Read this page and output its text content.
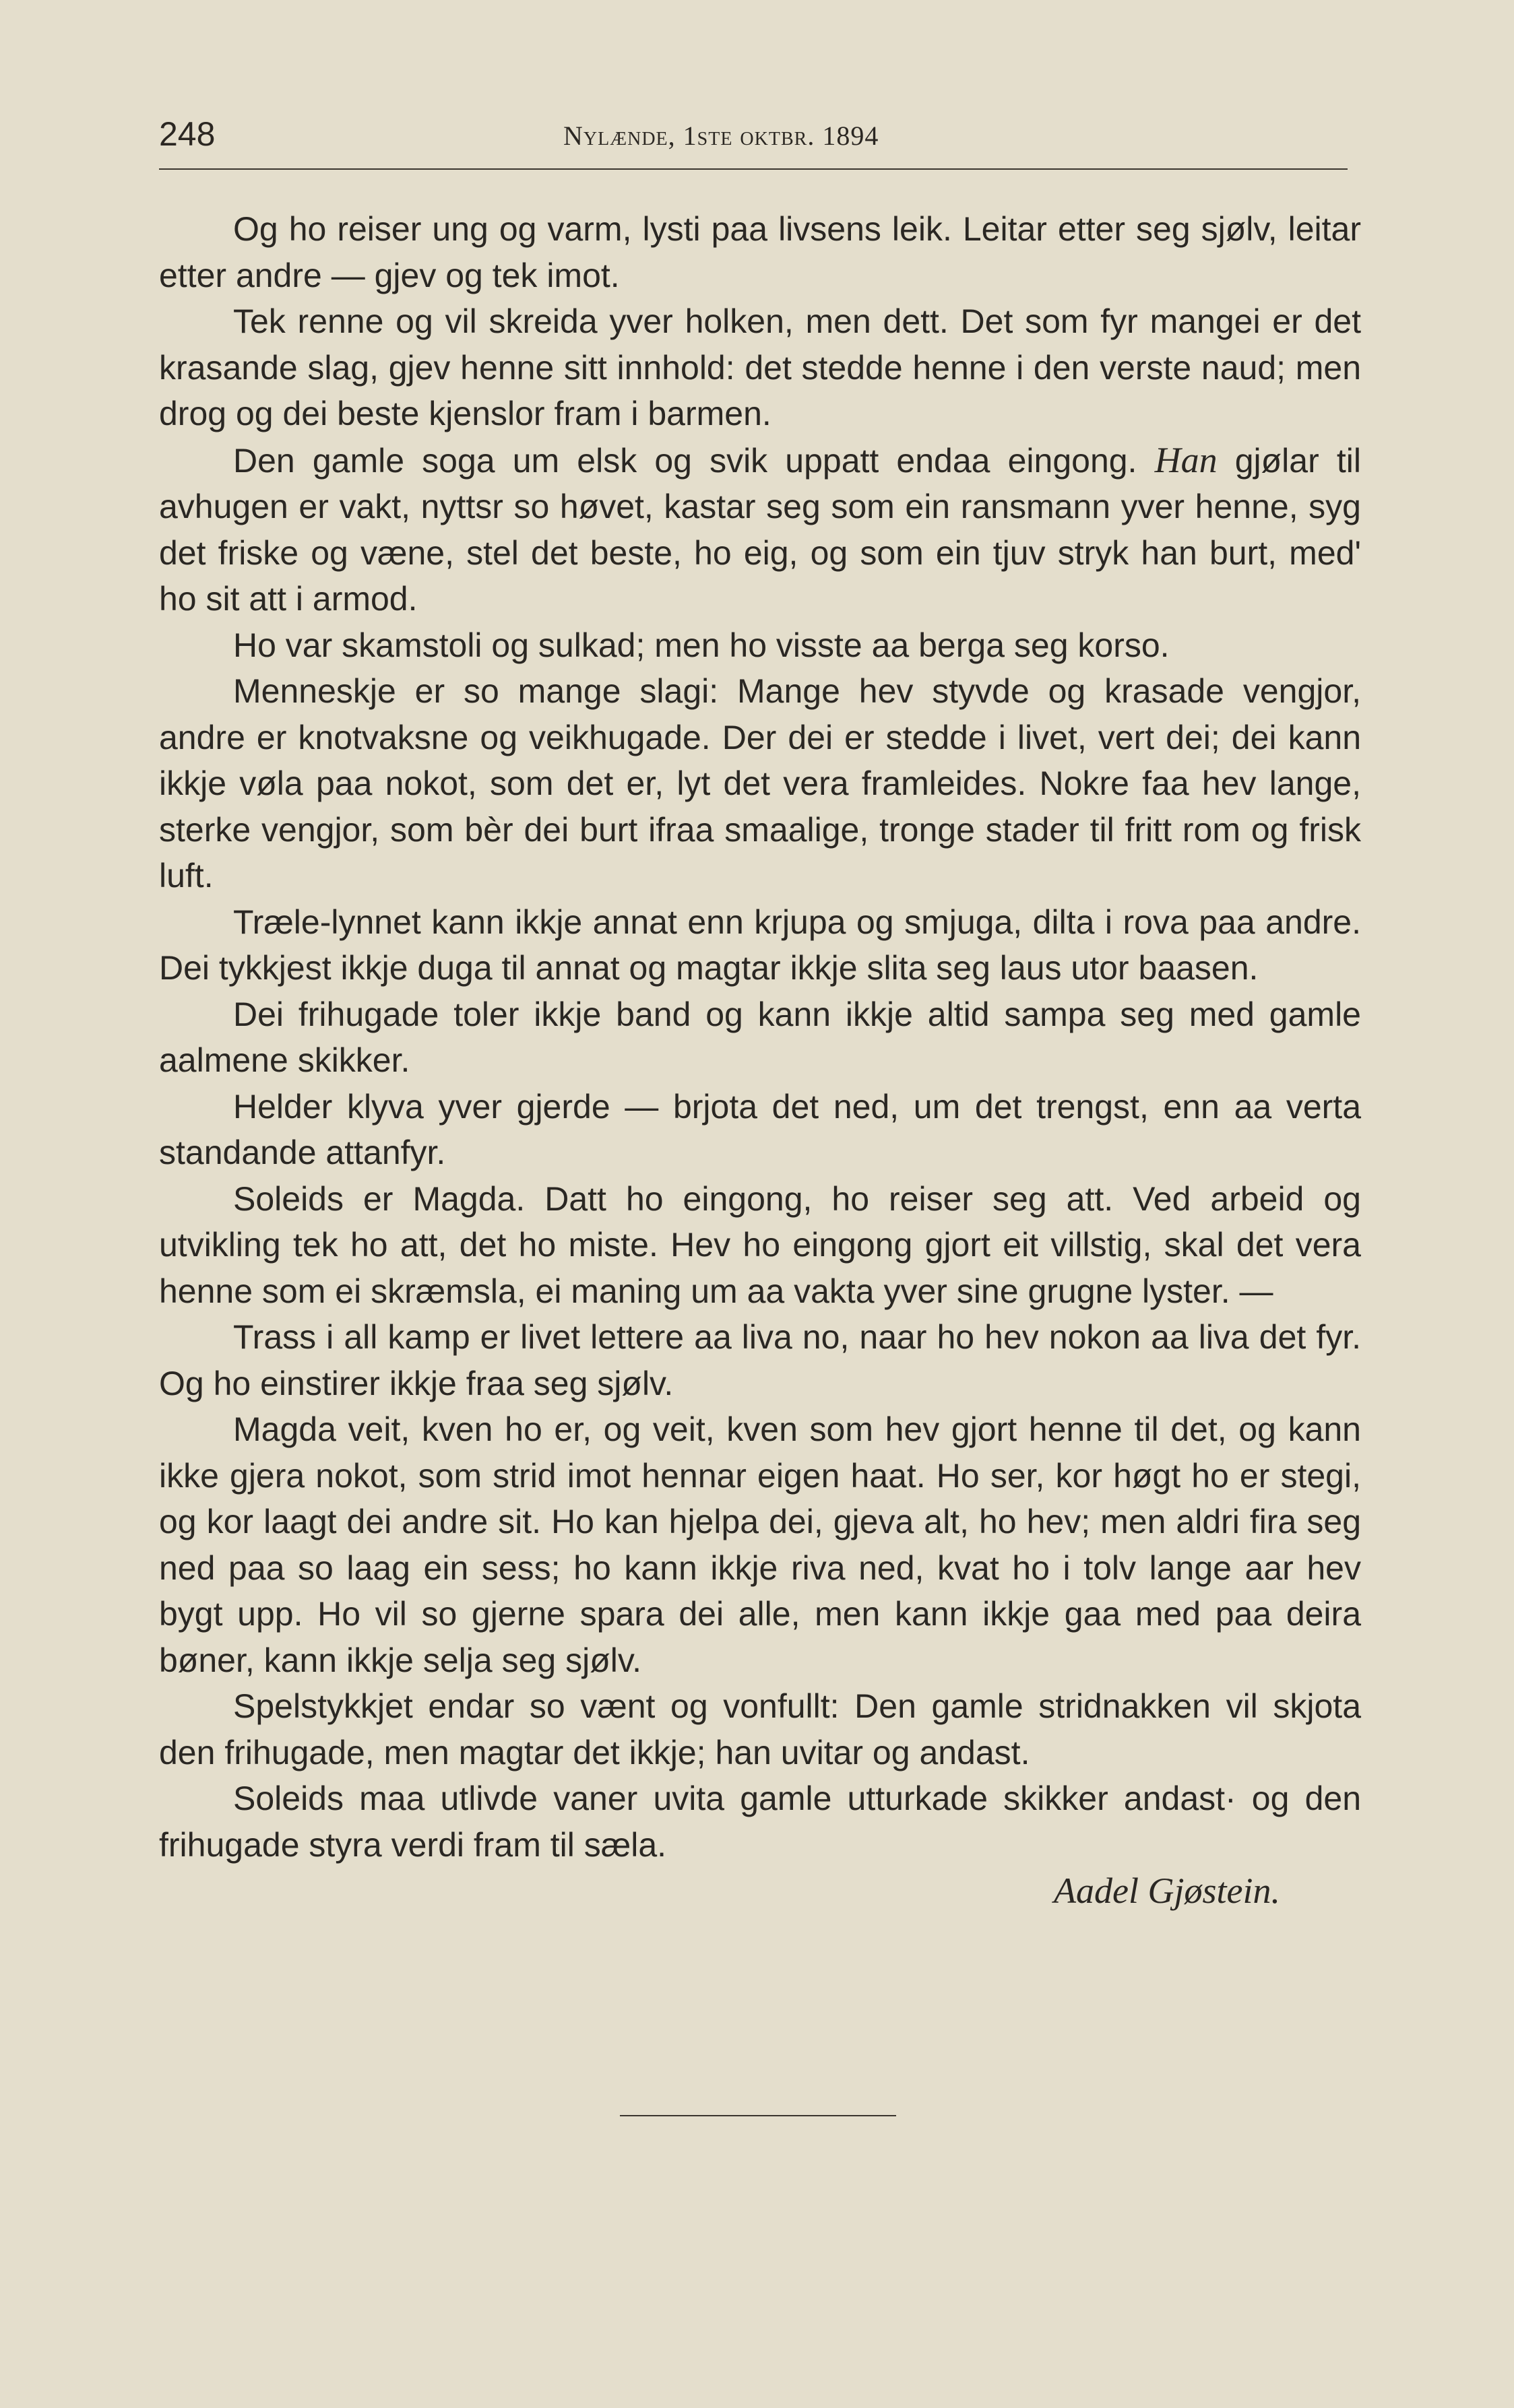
248	Nylænde, 1ste oktbr. 1894

Og ho reiser ung og varm, lysti paa livsens leik. Leitar etter seg sjølv, leitar etter andre — gjev og tek imot.

Tek renne og vil skreida yver holken, men dett. Det som fyr mangei er det krasande slag, gjev henne sitt innhold: det stedde henne i den verste naud; men drog og dei beste kjenslor fram i barmen.

Den gamle soga um elsk og svik uppatt endaa eingong. Han gjølar til avhugen er vakt, nyttsr so høvet, kastar seg som ein ransmann yver henne, syg det friske og væne, stel det beste, ho eig, og som ein tjuv stryk han burt, med' ho sit att i armod.

Ho var skamstoli og sulkad; men ho visste aa berga seg korso.

Menneskje er so mange slagi: Mange hev styvde og krasade vengjor, andre er knotvaksne og veikhugade. Der dei er stedde i livet, vert dei; dei kann ikkje vøla paa nokot, som det er, lyt det vera framleides. Nokre faa hev lange, sterke vengjor, som bèr dei burt ifraa smaalige, tronge stader til fritt rom og frisk luft.

Træle-lynnet kann ikkje annat enn krjupa og smjuga, dilta i rova paa andre. Dei tykkjest ikkje duga til annat og magtar ikkje slita seg laus utor baasen.

Dei frihugade toler ikkje band og kann ikkje altid sampa seg med gamle aalmene skikker.

Helder klyva yver gjerde — brjota det ned, um det trengst, enn aa verta standande attanfyr.

Soleids er Magda. Datt ho eingong, ho reiser seg att. Ved arbeid og utvikling tek ho att, det ho miste. Hev ho eingong gjort eit villstig, skal det vera henne som ei skræmsla, ei maning um aa vakta yver sine grugne lyster. —

Trass i all kamp er livet lettere aa liva no, naar ho hev nokon aa liva det fyr. Og ho einstirer ikkje fraa seg sjølv.

Magda veit, kven ho er, og veit, kven som hev gjort henne til det, og kann ikke gjera nokot, som strid imot hennar eigen haat. Ho ser, kor høgt ho er stegi, og kor laagt dei andre sit. Ho kan hjelpa dei, gjeva alt, ho hev; men aldri fira seg ned paa so laag ein sess; ho kann ikkje riva ned, kvat ho i tolv lange aar hev bygt upp. Ho vil so gjerne spara dei alle, men kann ikkje gaa med paa deira bøner, kann ikkje selja seg sjølv.

Spelstykkjet endar so vænt og vonfullt: Den gamle stridnakken vil skjota den frihugade, men magtar det ikkje; han uvitar og andast.

Soleids maa utlivde vaner uvita gamle utturkade skikker andast· og den frihugade styra verdi fram til sæla.

Aadel Gjøstein.
